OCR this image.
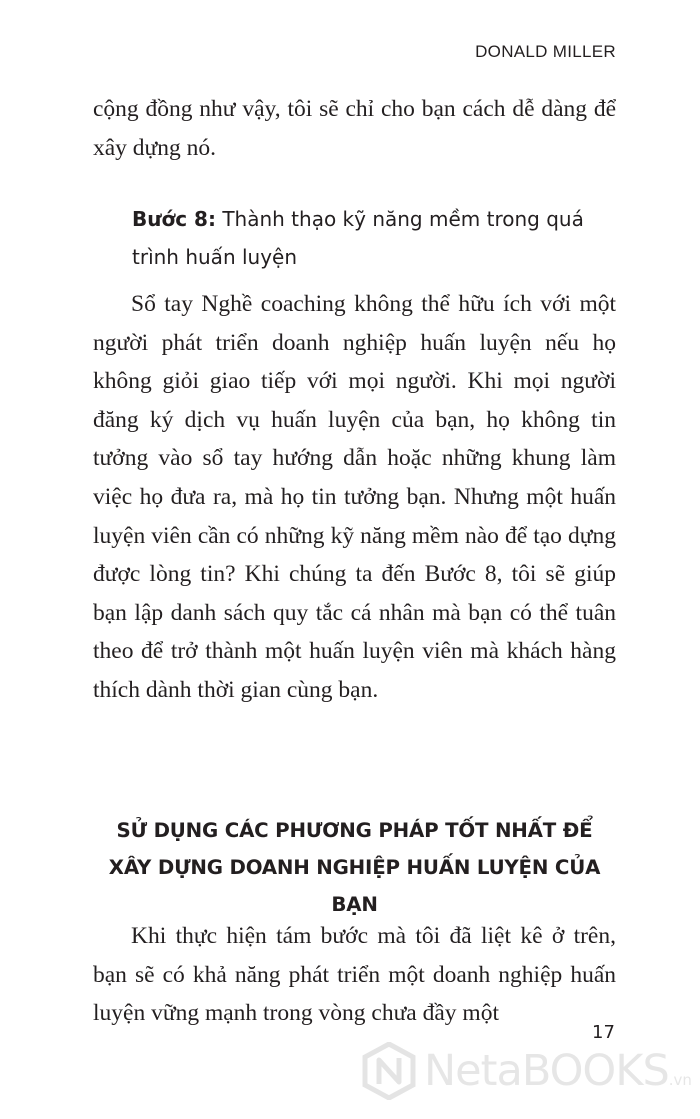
DONALD MILLER

cộng đồng như vậy, tôi sẽ chỉ cho bạn cách dễ dàng để xây dựng nó.

Bước 8: Thành thạo kỹ năng mềm trong quá trình huấn luyện

Sổ tay Nghề coaching không thể hữu ích với một người phát triển doanh nghiệp huấn luyện nếu họ không giỏi giao tiếp với mọi người. Khi mọi người đăng ký dịch vụ huấn luyện của bạn, họ không tin tưởng vào sổ tay hướng dẫn hoặc những khung làm việc họ đưa ra, mà họ tin tưởng bạn. Nhưng một huấn luyện viên cần có những kỹ năng mềm nào để tạo dựng được lòng tin? Khi chúng ta đến Bước 8, tôi sẽ giúp bạn lập danh sách quy tắc cá nhân mà bạn có thể tuân theo để trở thành một huấn luyện viên mà khách hàng thích dành thời gian cùng bạn.

SỬ DỤNG CÁC PHƯƠNG PHÁP TỐT NHẤT ĐỂ
XÂY DỰNG DOANH NGHIỆP HUẤN LUYỆN CỦA BẠN

Khi thực hiện tám bước mà tôi đã liệt kê ở trên, bạn sẽ có khả năng phát triển một doanh nghiệp huấn luyện vững mạnh trong vòng chưa đầy một

17
NetaBOOKS.vn
